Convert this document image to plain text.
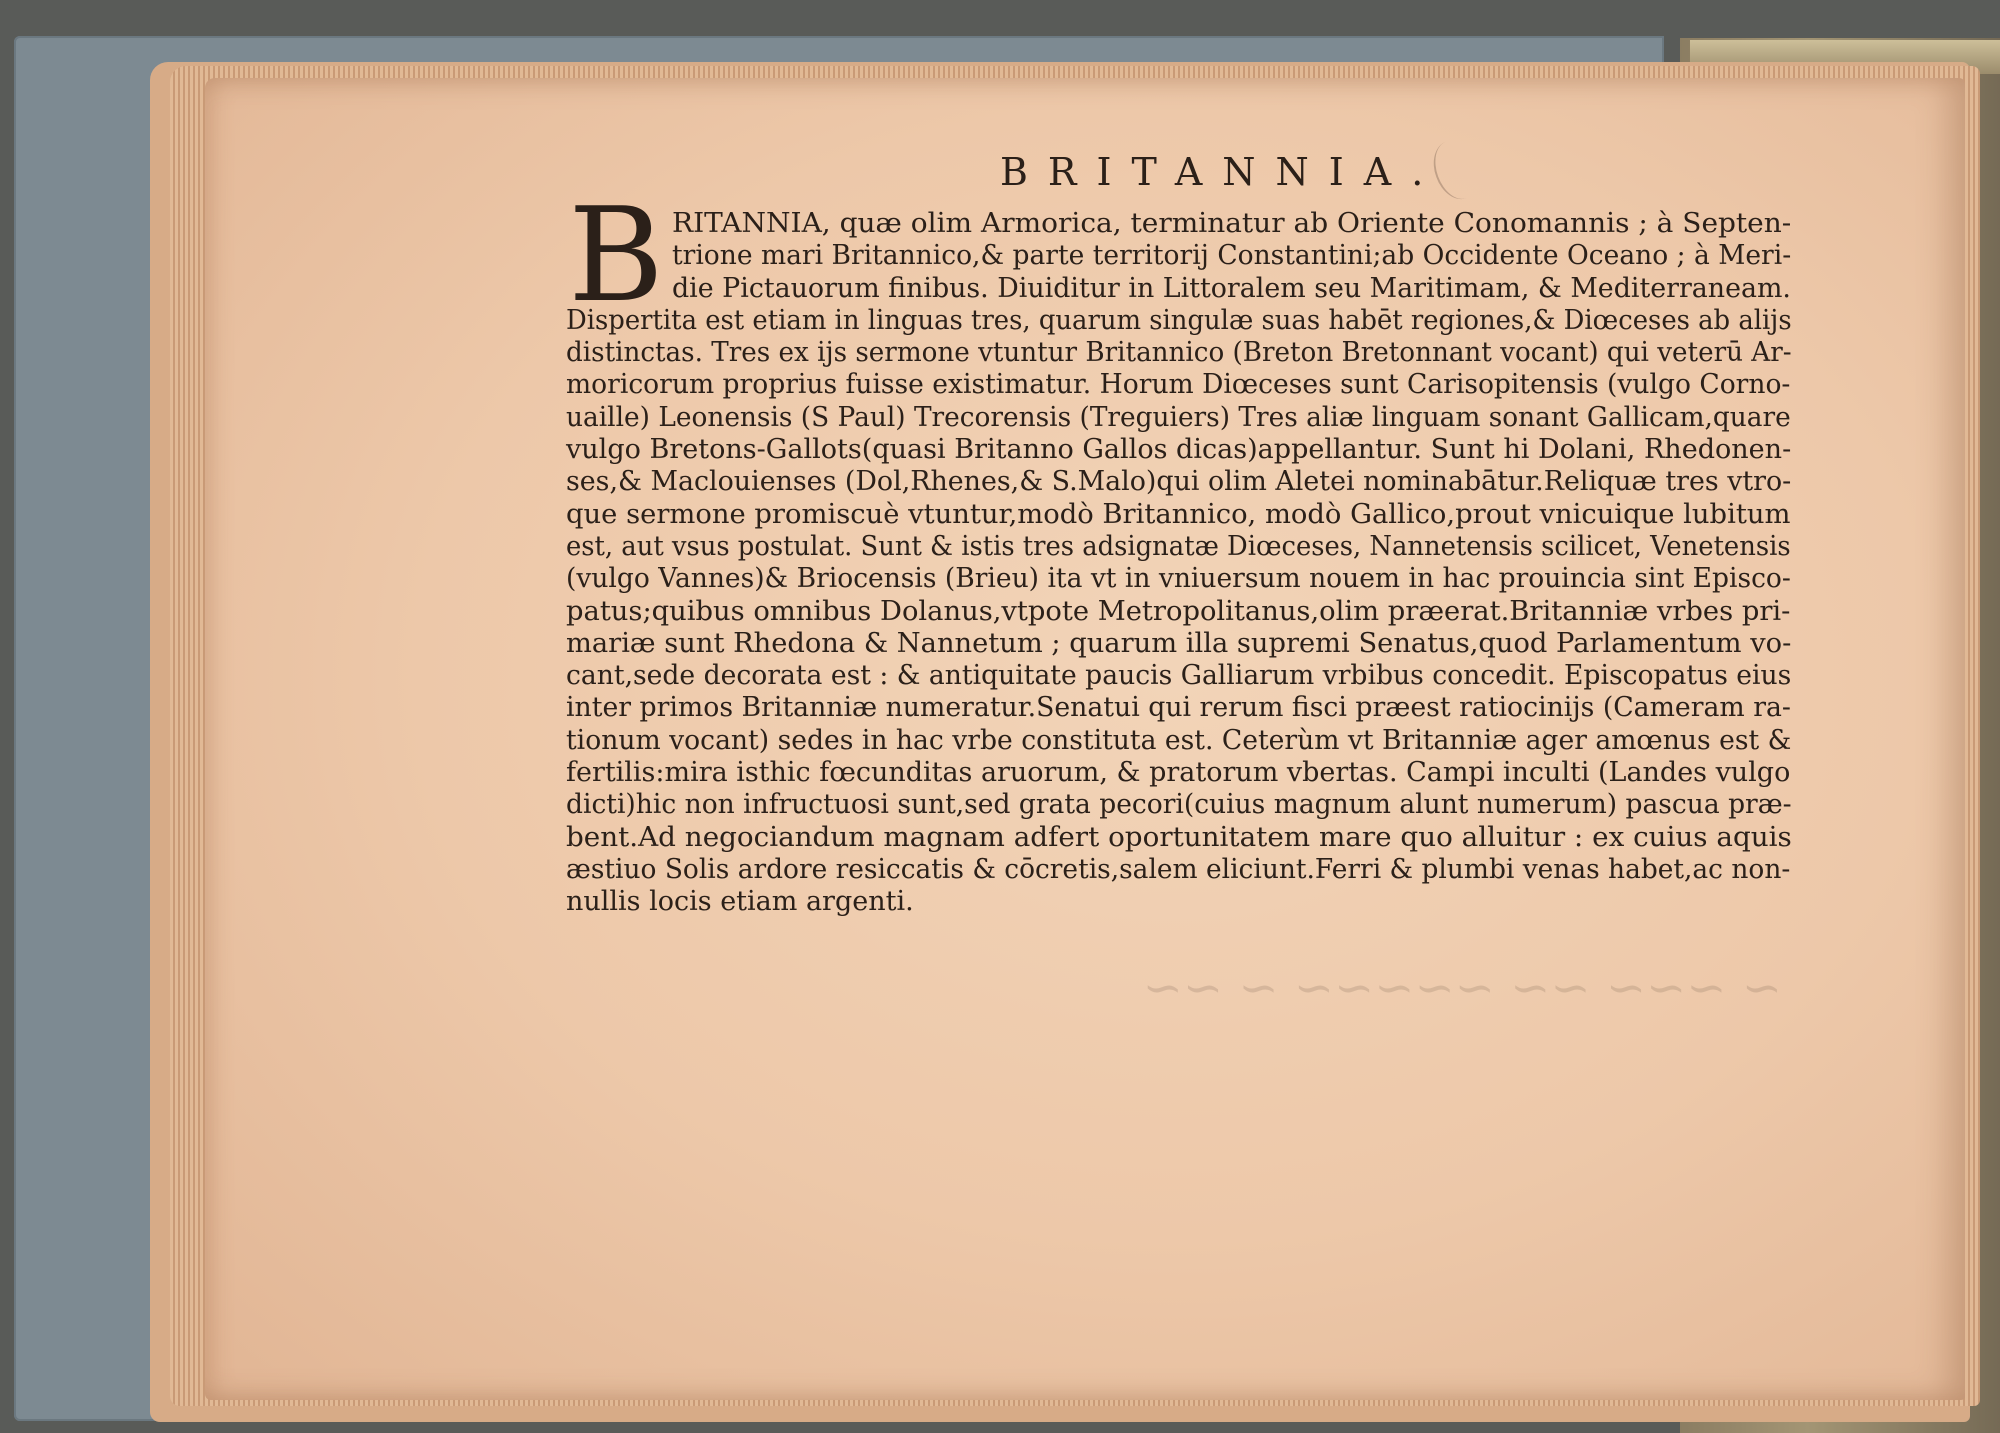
~ ~~~ ~~ ~~~~~ ~ ~~
BRITANNIA.
B RITANNIA, quæ olim Armorica, terminatur ab Oriente Conomannis ; à Septen-
trione mari Britannico,& parte territorij Constantini;ab Occidente Oceano ; à Meri-
die Pictauorum finibus. Diuiditur in Littoralem seu Maritimam, & Mediterraneam.
Dispertita est etiam in linguas tres, quarum singulæ suas habēt regiones,& Diœceses ab alijs
distinctas. Tres ex ijs sermone vtuntur Britannico (Breton Bretonnant vocant) qui veterū Ar-
moricorum proprius fuisse existimatur. Horum Diœceses sunt Carisopitensis (vulgo Corno-
uaille) Leonensis (S Paul) Trecorensis (Treguiers) Tres aliæ linguam sonant Gallicam,quare
vulgo Bretons-Gallots(quasi Britanno Gallos dicas)appellantur. Sunt hi Dolani, Rhedonen-
ses,& Maclouienses (Dol,Rhenes,& S.Malo)qui olim Aletei nominabātur.Reliquæ tres vtro-
que sermone promiscuè vtuntur,modò Britannico, modò Gallico,prout vnicuique lubitum
est, aut vsus postulat. Sunt & istis tres adsignatæ Diœceses, Nannetensis scilicet, Venetensis
(vulgo Vannes)& Briocensis (Brieu) ita vt in vniuersum nouem in hac prouincia sint Episco-
patus;quibus omnibus Dolanus,vtpote Metropolitanus,olim præerat.Britanniæ vrbes pri-
mariæ sunt Rhedona & Nannetum ; quarum illa supremi Senatus,quod Parlamentum vo-
cant,sede decorata est : & antiquitate paucis Galliarum vrbibus concedit. Episcopatus eius
inter primos Britanniæ numeratur.Senatui qui rerum fisci præest ratiocinijs (Cameram ra-
tionum vocant) sedes in hac vrbe constituta est. Ceterùm vt Britanniæ ager amœnus est &
fertilis:mira isthic fœcunditas aruorum, & pratorum vbertas. Campi inculti (Landes vulgo
dicti)hic non infructuosi sunt,sed grata pecori(cuius magnum alunt numerum) pascua præ-
bent.Ad negociandum magnam adfert oportunitatem mare quo alluitur : ex cuius aquis
æstiuo Solis ardore resiccatis & cōcretis,salem eliciunt.Ferri & plumbi venas habet,ac non-
nullis locis etiam argenti.
